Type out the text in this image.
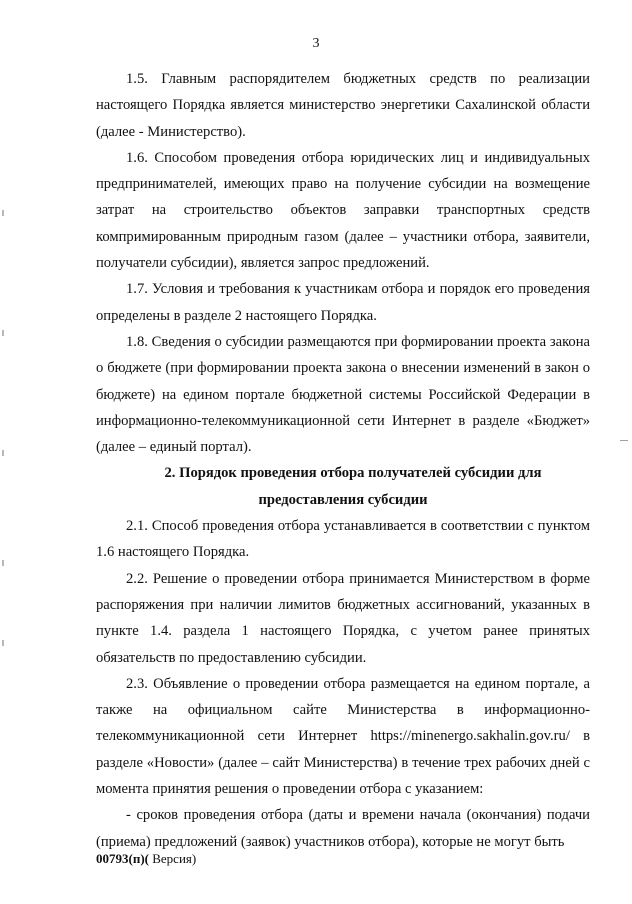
3

1.5. Главным распорядителем бюджетных средств по реализации настоящего Порядка является министерство энергетики Сахалинской области (далее - Министерство).

1.6. Способом проведения отбора юридических лиц и индивидуальных предпринимателей, имеющих право на получение субсидии на возмещение затрат на строительство объектов заправки транспортных средств компримированным природным газом (далее – участники отбора, заявители, получатели субсидии), является запрос предложений.

1.7. Условия и требования к участникам отбора и порядок его проведения определены в разделе 2 настоящего Порядка.

1.8. Сведения о субсидии размещаются при формировании проекта закона о бюджете (при формировании проекта закона о внесении изменений в закон о бюджете) на едином портале бюджетной системы Российской Федерации в информационно-телекоммуникационной сети Интернет в разделе «Бюджет» (далее – единый портал).

2. Порядок проведения отбора получателей субсидии для
предоставления субсидии

2.1. Способ проведения отбора устанавливается в соответствии с пунктом 1.6 настоящего Порядка.

2.2. Решение о проведении отбора принимается Министерством в форме распоряжения при наличии лимитов бюджетных ассигнований, указанных в пункте 1.4. раздела 1 настоящего Порядка, с учетом ранее принятых обязательств по предоставлению субсидии.

2.3. Объявление о проведении отбора размещается на едином портале, а также на официальном сайте Министерства в информационно-телекоммуникационной сети Интернет https://minenergo.sakhalin.gov.ru/ в разделе «Новости» (далее – сайт Министерства) в течение трех рабочих дней с момента принятия решения о проведении отбора с указанием:

- сроков проведения отбора (даты и времени начала (окончания) подачи (приема) предложений (заявок) участников отбора), которые не могут быть

00793(п)( Версия)
